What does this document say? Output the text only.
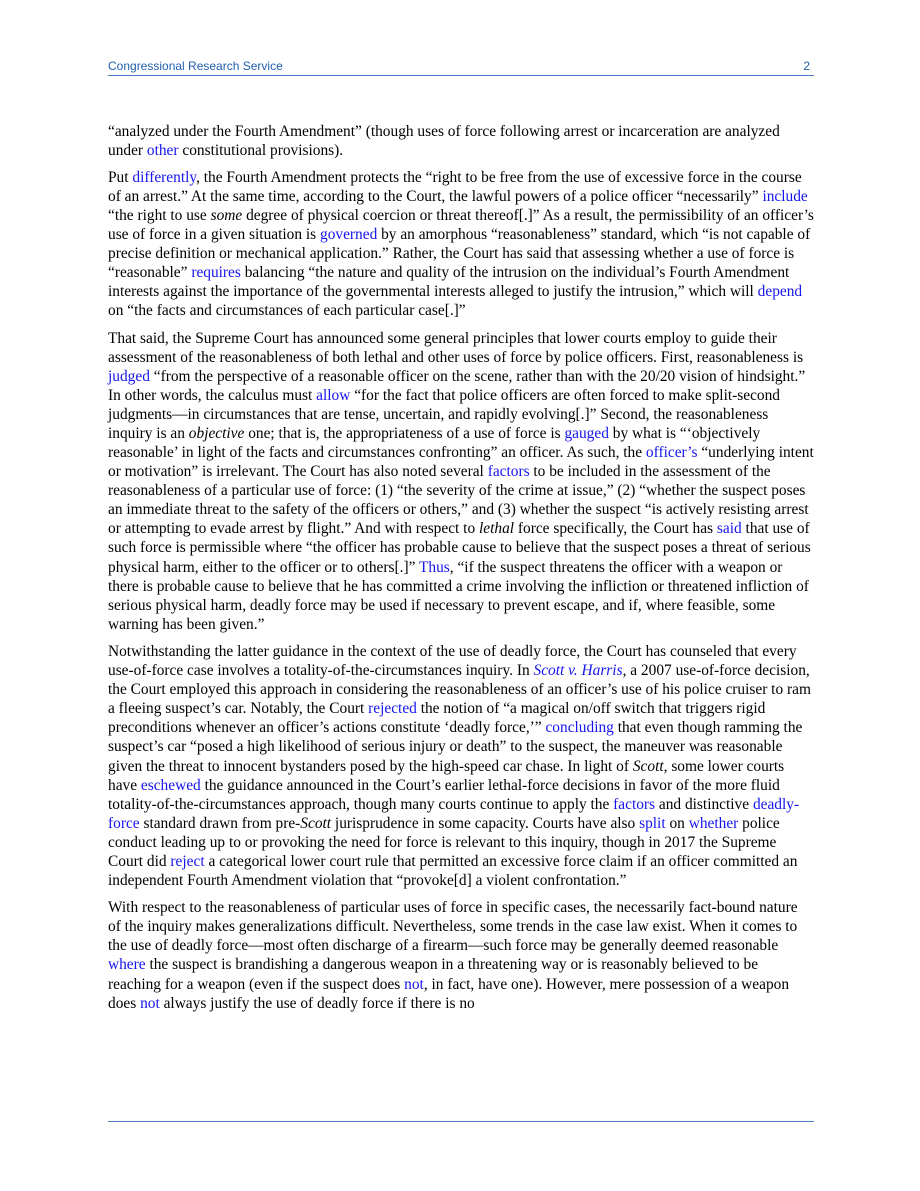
Congressional Research Service	2

“analyzed under the Fourth Amendment” (though uses of force following arrest or incarceration are analyzed under other constitutional provisions).

Put differently, the Fourth Amendment protects the “right to be free from the use of excessive force in the course of an arrest.” At the same time, according to the Court, the lawful powers of a police officer “necessarily” include “the right to use some degree of physical coercion or threat thereof[.]” As a result, the permissibility of an officer’s use of force in a given situation is governed by an amorphous “reasonableness” standard, which “is not capable of precise definition or mechanical application.” Rather, the Court has said that assessing whether a use of force is “reasonable” requires balancing “the nature and quality of the intrusion on the individual’s Fourth Amendment interests against the importance of the governmental interests alleged to justify the intrusion,” which will depend on “the facts and circumstances of each particular case[.]”

That said, the Supreme Court has announced some general principles that lower courts employ to guide their assessment of the reasonableness of both lethal and other uses of force by police officers. First, reasonableness is judged “from the perspective of a reasonable officer on the scene, rather than with the 20/20 vision of hindsight.” In other words, the calculus must allow “for the fact that police officers are often forced to make split-second judgments—in circumstances that are tense, uncertain, and rapidly evolving[.]” Second, the reasonableness inquiry is an objective one; that is, the appropriateness of a use of force is gauged by what is “‘objectively reasonable’ in light of the facts and circumstances confronting” an officer. As such, the officer’s “underlying intent or motivation” is irrelevant. The Court has also noted several factors to be included in the assessment of the reasonableness of a particular use of force: (1) “the severity of the crime at issue,” (2) “whether the suspect poses an immediate threat to the safety of the officers or others,” and (3) whether the suspect “is actively resisting arrest or attempting to evade arrest by flight.” And with respect to lethal force specifically, the Court has said that use of such force is permissible where “the officer has probable cause to believe that the suspect poses a threat of serious physical harm, either to the officer or to others[.]” Thus, “if the suspect threatens the officer with a weapon or there is probable cause to believe that he has committed a crime involving the infliction or threatened infliction of serious physical harm, deadly force may be used if necessary to prevent escape, and if, where feasible, some warning has been given.”

Notwithstanding the latter guidance in the context of the use of deadly force, the Court has counseled that every use-of-force case involves a totality-of-the-circumstances inquiry. In Scott v. Harris, a 2007 use-of-force decision, the Court employed this approach in considering the reasonableness of an officer’s use of his police cruiser to ram a fleeing suspect’s car. Notably, the Court rejected the notion of “a magical on/off switch that triggers rigid preconditions whenever an officer’s actions constitute ‘deadly force,’” concluding that even though ramming the suspect’s car “posed a high likelihood of serious injury or death” to the suspect, the maneuver was reasonable given the threat to innocent bystanders posed by the high-speed car chase. In light of Scott, some lower courts have eschewed the guidance announced in the Court’s earlier lethal-force decisions in favor of the more fluid totality-of-the-circumstances approach, though many courts continue to apply the factors and distinctive deadly-force standard drawn from pre-Scott jurisprudence in some capacity. Courts have also split on whether police conduct leading up to or provoking the need for force is relevant to this inquiry, though in 2017 the Supreme Court did reject a categorical lower court rule that permitted an excessive force claim if an officer committed an independent Fourth Amendment violation that “provoke[d] a violent confrontation.”

With respect to the reasonableness of particular uses of force in specific cases, the necessarily fact-bound nature of the inquiry makes generalizations difficult. Nevertheless, some trends in the case law exist. When it comes to the use of deadly force—most often discharge of a firearm—such force may be generally deemed reasonable where the suspect is brandishing a dangerous weapon in a threatening way or is reasonably believed to be reaching for a weapon (even if the suspect does not, in fact, have one). However, mere possession of a weapon does not always justify the use of deadly force if there is no
